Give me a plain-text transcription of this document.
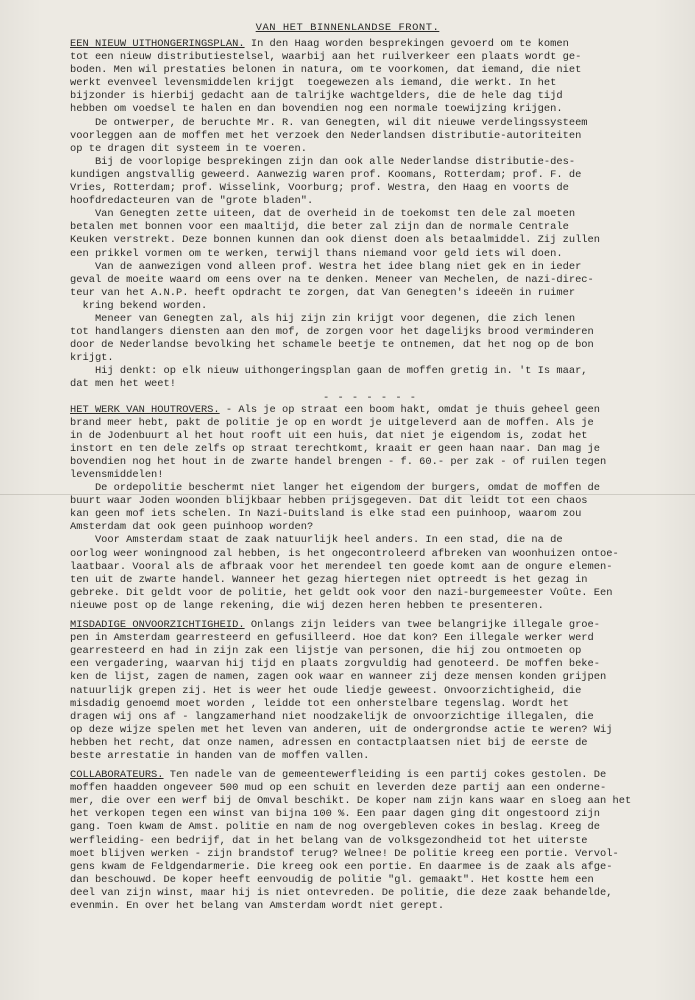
VAN HET BINNENLANDSE FRONT.
EEN NIEUW UITHONGERINGSPLAN. In den Haag worden besprekingen gevoerd om te komen
tot een nieuw distributiestelsel, waarbij aan het ruilverkeer een plaats wordt ge-
boden. Men wil prestaties belonen in natura, om te voorkomen, dat iemand, die niet
werkt evenveel levensmiddelen krijgt  toegewezen als iemand, die werkt. In het
bijzonder is hierbij gedacht aan de talrijke wachtgelders, die de hele dag tijd
hebben om voedsel te halen en dan bovendien nog een normale toewijzing krijgen.
De ontwerper, de beruchte Mr. R. van Genegten, wil dit nieuwe verdelingssysteem
voorleggen aan de moffen met het verzoek den Nederlandsen distributie-autoriteiten
op te dragen dit systeem in te voeren.
Bij de voorlopige besprekingen zijn dan ook alle Nederlandse distributie-des-
kundigen angstvallig geweerd. Aanwezig waren prof. Koomans, Rotterdam; prof. F. de
Vries, Rotterdam; prof. Wisselink, Voorburg; prof. Westra, den Haag en voorts de
hoofdredacteuren van de "grote bladen".
Van Genegten zette uiteen, dat de overheid in de toekomst ten dele zal moeten
betalen met bonnen voor een maaltijd, die beter zal zijn dan de normale Centrale
Keuken verstrekt. Deze bonnen kunnen dan ook dienst doen als betaalmiddel. Zij zullen
een prikkel vormen om te werken, terwijl thans niemand voor geld iets wil doen.
Van de aanwezigen vond alleen prof. Westra het idee blang niet gek en in ieder
geval de moeite waard om eens over na te denken. Meneer van Mechelen, de nazi-direc-
teur van het A.N.P. heeft opdracht te zorgen, dat Van Genegten's ideeën in ruimer
kring bekend worden.
Meneer van Genegten zal, als hij zijn zin krijgt voor degenen, die zich lenen
tot handlangers diensten aan den mof, de zorgen voor het dagelijks brood verminderen
door de Nederlandse bevolking het schamele beetje te ontnemen, dat het nog op de bon
krijgt.
Hij denkt: op elk nieuw uithongeringsplan gaan de moffen gretig in. 't Is maar,
dat men het weet!
- - - - - - -
HET WERK VAN HOUTROVERS. - Als je op straat een boom hakt, omdat je thuis geheel geen
brand meer hebt, pakt de politie je op en wordt je uitgeleverd aan de moffen. Als je
in de Jodenbuurt al het hout rooft uit een huis, dat niet je eigendom is, zodat het
instort en ten dele zelfs op straat terechtkomt, kraait er geen haan naar. Dan mag je
bovendien nog het hout in de zwarte handel brengen - f. 60.- per zak - of ruilen tegen
levensmiddelen!
De ordepolitie beschermt niet langer het eigendom der burgers, omdat de moffen de
buurt waar Joden woonden blijkbaar hebben prijsgegeven. Dat dit leidt tot een chaos
kan geen mof iets schelen. In Nazi-Duitsland is elke stad een puinhoop, waarom zou
Amsterdam dat ook geen puinhoop worden?
Voor Amsterdam staat de zaak natuurlijk heel anders. In een stad, die na de
oorlog weer woningnood zal hebben, is het ongecontroleerd afbreken van woonhuizen ontoe-
laatbaar. Vooral als de afbraak voor het merendeel ten goede komt aan de ongure elemen-
ten uit de zwarte handel. Wanneer het gezag hiertegen niet optreedt is het gezag in
gebreke. Dit geldt voor de politie, het geldt ook voor den nazi-burgemeester Voûte. Een
nieuwe post op de lange rekening, die wij dezen heren hebben te presenteren.
MISDADIGE ONVOORZICHTIGHEID. Onlangs zijn leiders van twee belangrijke illegale groe-
pen in Amsterdam gearresteerd en gefusilleerd. Hoe dat kon? Een illegale werker werd
gearresteerd en had in zijn zak een lijstje van personen, die hij zou ontmoeten op
een vergadering, waarvan hij tijd en plaats zorgvuldig had genoteerd. De moffen beke-
ken de lijst, zagen de namen, zagen ook waar en wanneer zij deze mensen konden grijpen
natuurlijk grepen zij. Het is weer het oude liedje geweest. Onvoorzichtigheid, die
misdadig genoemd moet worden , leidde tot een onherstelbare tegenslag. Wordt het
dragen wij ons af - langzamerhand niet noodzakelijk de onvoorzichtige illegalen, die
op deze wijze spelen met het leven van anderen, uit de ondergrondse actie te weren? Wij
hebben het recht, dat onze namen, adressen en contactplaatsen niet bij de eerste de
beste arrestatie in handen van de moffen vallen.
COLLABORATEURS. Ten nadele van de gemeentewerfleiding is een partij cokes gestolen. De
moffen haadden ongeveer 500 mud op een schuit en leverden deze partij aan een onderne-
mer, die over een werf bij de Omval beschikt. De koper nam zijn kans waar en sloeg aan het
het verkopen tegen een winst van bijna 100 %. Een paar dagen ging dit ongestoord zijn
gang. Toen kwam de Amst. politie en nam de nog overgebleven cokes in beslag. Kreeg de
werfleiding- een bedrijf, dat in het belang van de volksgezondheid tot het uiterste
moet blijven werken - zijn brandstof terug? Welnee! De politie kreeg een portie. Vervol-
gens kwam de Feldgendarmerie. Die kreeg ook een portie. En daarmee is de zaak als afge-
dan beschouwd. De koper heeft eenvoudig de politie "gl. gemaakt". Het kostte hem een
deel van zijn winst, maar hij is niet ontevreden. De politie, die deze zaak behandelde,
evenmin. En over het belang van Amsterdam wordt niet gerept.
